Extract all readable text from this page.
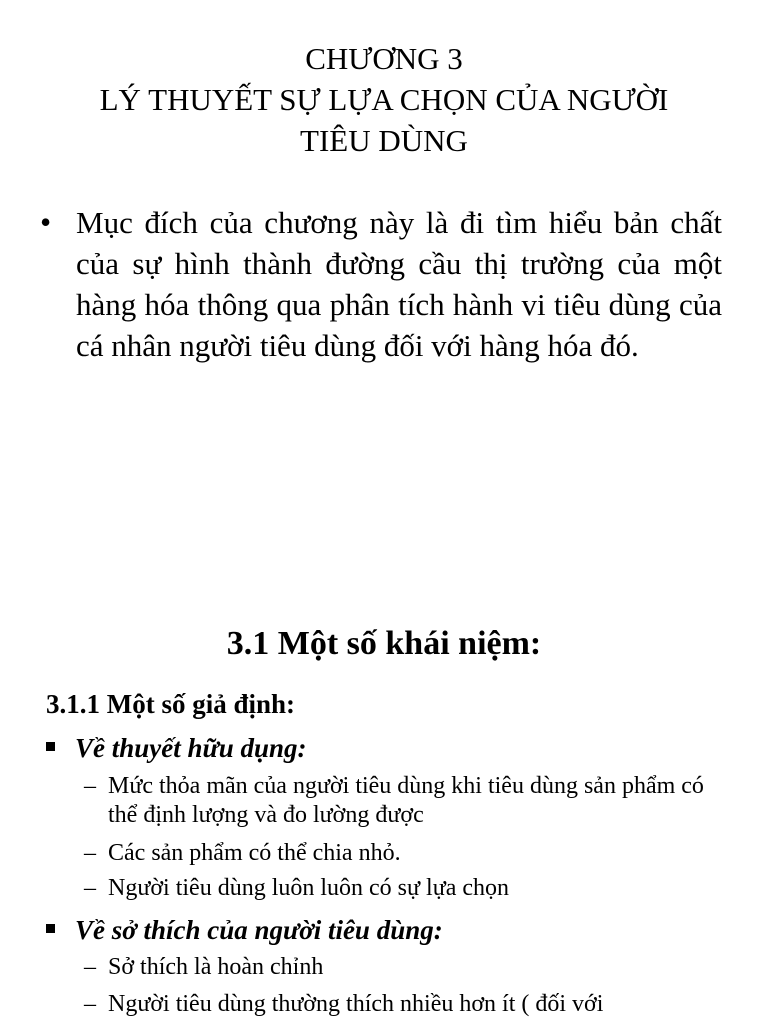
CHƯƠNG 3
LÝ THUYẾT SỰ LỰA CHỌN CỦA NGƯỜI
TIÊU DÙNG
• Mục đích của chương này là đi tìm hiểu bản chất của sự hình thành đường cầu thị trường của một hàng hóa thông qua phân tích hành vi tiêu dùng của cá nhân người tiêu dùng đối với hàng hóa đó.
3.1 Một số khái niệm:
3.1.1 Một số giả định:
Về thuyết hữu dụng:
– Mức thỏa mãn của người tiêu dùng khi tiêu dùng sản phẩm có thể định lượng và đo lường được
– Các sản phẩm có thể chia nhỏ.
– Người tiêu dùng luôn luôn có sự lựa chọn
Về sở thích của người tiêu dùng:
– Sở thích là hoàn chỉnh
– Người tiêu dùng thường thích nhiều hơn ít ( đối với
